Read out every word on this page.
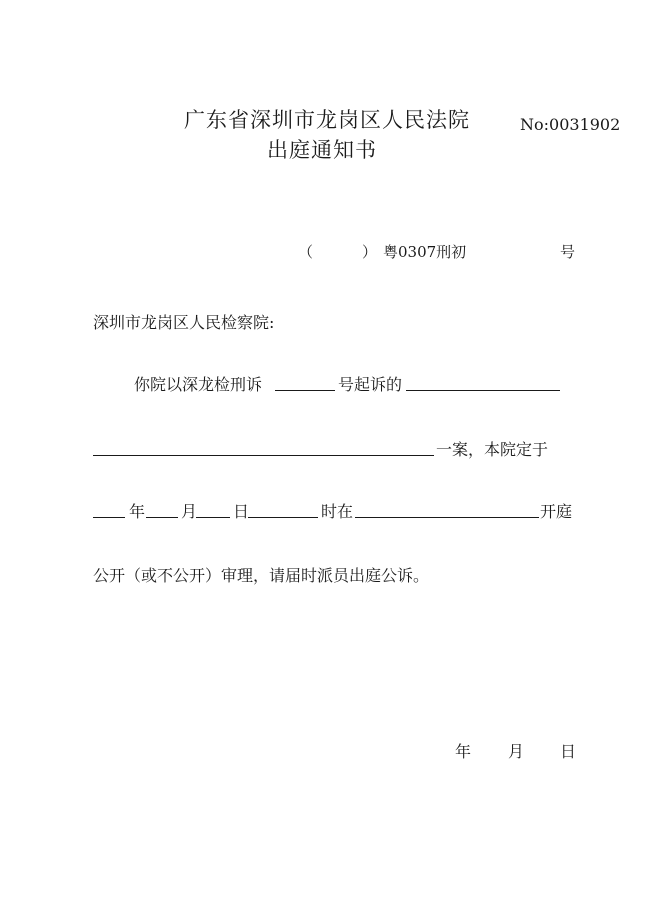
广东省深圳市龙岗区人民法院
出庭通知书
No:0031902
（	） 粤0307刑初	号
深圳市龙岗区人民检察院:
你院以深龙检刑诉	号起诉的
一案，本院定于
年 月 日	时在	开庭
公开（或不公开）审理，请届时派员出庭公诉。
年 月 日
